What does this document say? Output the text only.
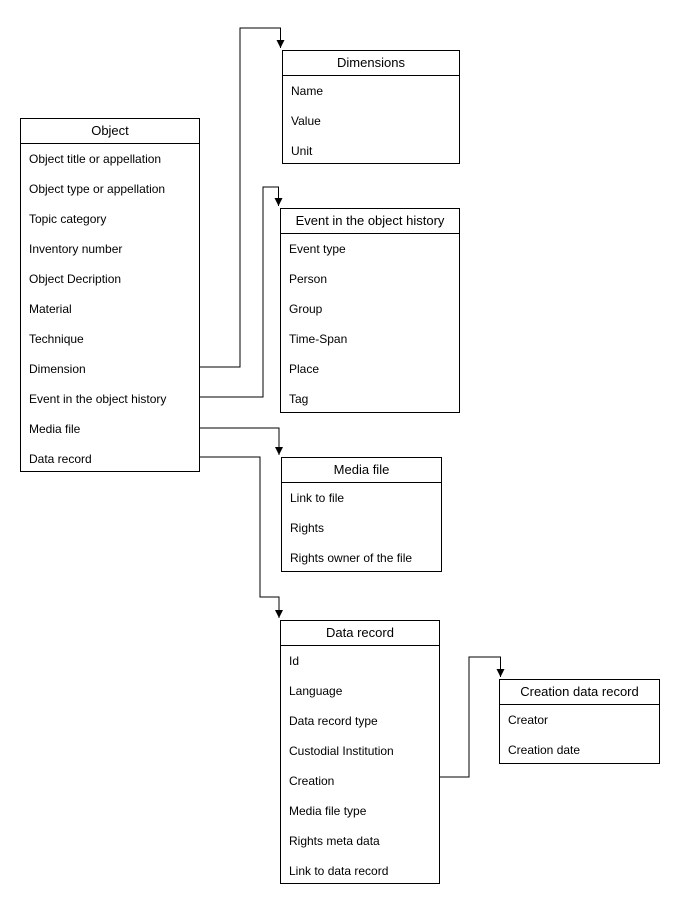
Object
Object title or appellation
Object type or appellation
Topic category
Inventory number
Object Decription
Material
Technique
Dimension
Event in the object history
Media file
Data record
Dimensions
Name
Value
Unit
Event in the object history
Event type
Person
Group
Time-Span
Place
Tag
Media file
Link to file
Rights
Rights owner of the file
Data record
Id
Language
Data record type
Custodial Institution
Creation
Media file type
Rights meta data
Link to data record
Creation data record
Creator
Creation date
